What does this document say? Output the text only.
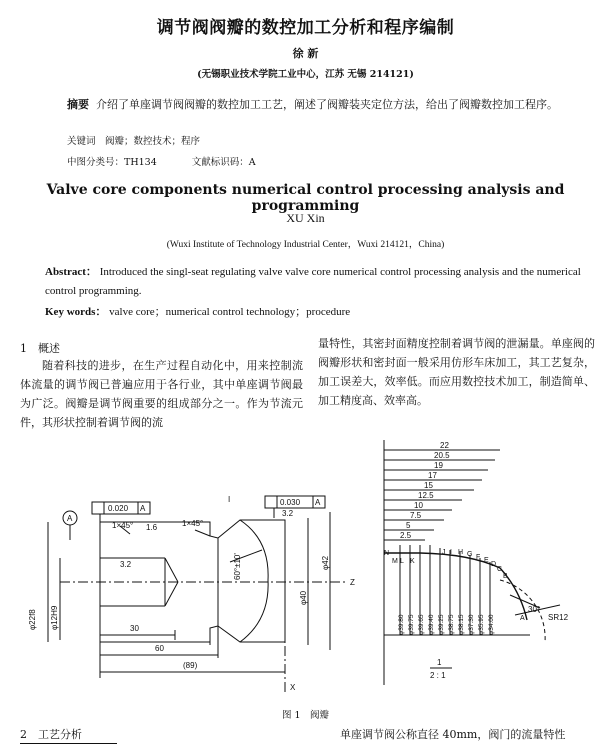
调节阀阀瓣的数控加工分析和程序编制
徐 新
(无锡职业技术学院工业中心，江苏 无锡 214121)
摘要 介绍了单座调节阀阀瓣的数控加工工艺，阐述了阀瓣装夹定位方法，给出了阀瓣数控加工程序。
关键词　阀瓣；数控技术；程序
中图分类号：TH134	文献标识码：A
Valve core components numerical control processing analysis and programming
XU Xin
(Wuxi Institute of Technology Industrial Center，Wuxi 214121，China)
Abstract： Introduced the singl-seat regulating valve valve core numerical control processing analysis and the numerical control programming.
Key words： valve core；numerical control technology；procedure
1　概述
随着科技的进步，在生产过程自动化中，用来控制流体流量的调节阀已普遍应用于各行业，其中单座调节阀最为广泛。阀瓣是调节阀重要的组成部分之一。作为节流元件，其形状控制着调节阀的流
量特性，其密封面精度控制着调节阀的泄漏量。单座阀的阀瓣形状和密封面一般采用仿形车床加工，其工艺复杂，加工误差大，效率低。而应用数控技术加工，制造简单、加工精度高、效率高。
0.020 A
0.030 A
A
1×45° 1.6	1×45°
3.2
3.2
I
φ22f8 φ12H9
60°±10'
φ40
φ42
30
60
(89)
Z
X
22
20.5
19
17
15
12.5
10
7.5
5
2.5
N
M L K
J I H G F E
D
C
B
A
φ39.80 φ39.75 φ39.65 φ39.40 φ39.25 φ38.75 φ38.15 φ37.30 φ35.95 φ34.00
30°
SR12
1
2 : 1
图 1　阀瓣
2　工艺分析	单座调节阀公称直径 40mm，阀门的流量特性
